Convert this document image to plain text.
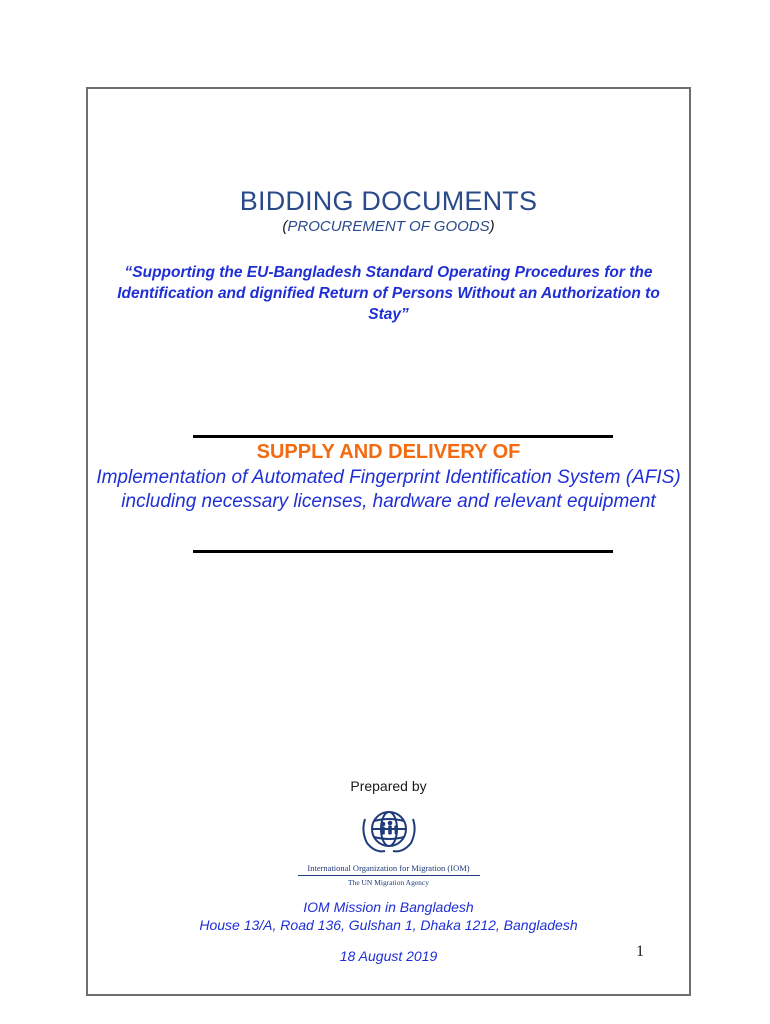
BIDDING DOCUMENTS
(PROCUREMENT OF GOODS)
“Supporting the EU-Bangladesh Standard Operating Procedures for the Identification and dignified Return of Persons Without an Authorization to Stay”
SUPPLY AND DELIVERY OF
Implementation of Automated Fingerprint Identification System (AFIS) including necessary licenses, hardware and relevant equipment
Prepared by
International Organization for Migration (IOM)
The UN Migration Agency
IOM Mission in Bangladesh
House 13/A, Road 136, Gulshan 1, Dhaka 1212, Bangladesh
18 August 2019	1
